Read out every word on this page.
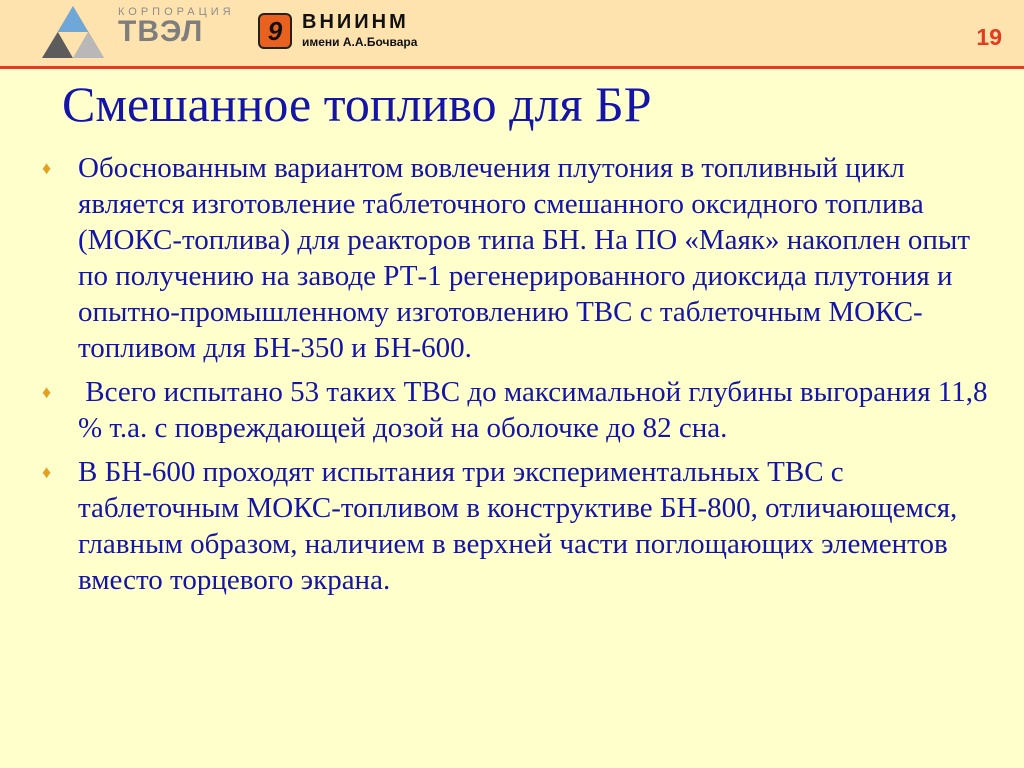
КОРПОРАЦИЯ
ТВЭЛ 9 ВНИИНМ
имени А.А.Бочвара	19
Смешанное топливо для БР
♦ Обоснованным вариантом вовлечения плутония в топливный цикл является изготовление таблеточного смешанного оксидного топлива (МОКС-топлива) для реакторов типа БН. На ПО «Маяк» накоплен опыт по получению на заводе РТ-1 регенерированного диоксида плутония и опытно-промышленному изготовлению ТВС с таблеточным МОКС-топливом для БН-350 и БН-600.
♦ Всего испытано 53 таких ТВС до максимальной глубины выгорания 11,8 % т.а. с повреждающей дозой на оболочке до 82 сна.
♦ В БН-600 проходят испытания три экспериментальных ТВС с таблеточным МОКС-топливом в конструктиве БН-800, отличающемся, главным образом, наличием в верхней части поглощающих элементов вместо торцевого экрана.
